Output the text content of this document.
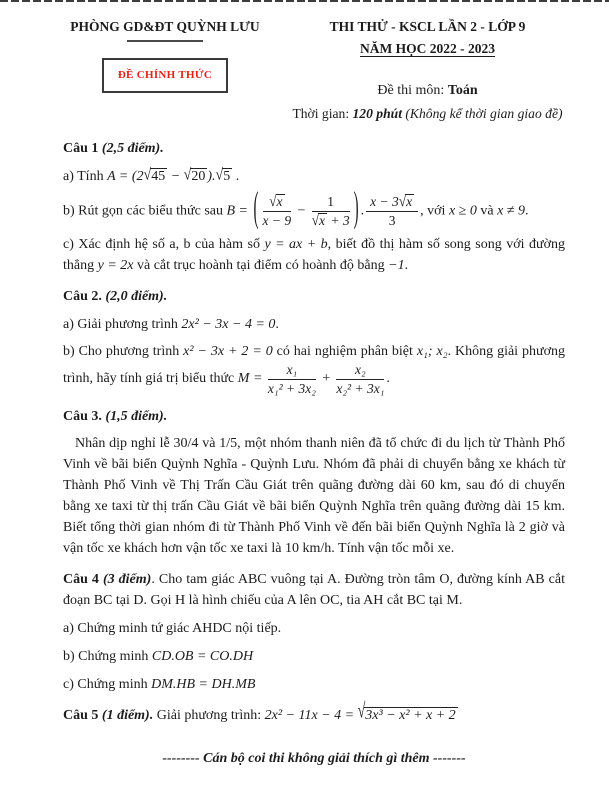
PHÒNG GD&ĐT QUỲNH LƯU
ĐỀ CHÍNH THỨC
THI THỬ - KSCL LẦN 2 - LỚP 9
NĂM HỌC 2022 - 2023
Đề thi môn: Toán
Thời gian: 120 phút (Không kể thời gian giao đề)

Câu 1 (2,5 điểm).

a) Tính A = (2√45 − √20 ).√5 .

b) Rút gọn các biểu thức sau B = ( $\frac{√x}{x - 9} - \frac{1}{√x + 3}$ ) . $\frac{x - 3√x}{3}$ , với x ≥ 0 và x ≠ 9.

c) Xác định hệ số a, b của hàm số y = ax + b, biết đồ thị hàm số song song với đường thẳng y = 2x và cắt trục hoành tại điểm có hoành độ bằng −1.

Câu 2. (2,0 điểm).

a) Giải phương trình 2x² − 3x − 4 = 0.

b) Cho phương trình x² − 3x + 2 = 0 có hai nghiệm phân biệt x₁; x₂. Không giải phương trình, hãy tính giá trị biểu thức $M = \frac{\text{x₁}}{\text{x₁² + 3x₂}} + \frac{\text{x₂}}{\text{x₂² + 3x₁}}$ .

Câu 3. (1,5 điểm).

Nhân dịp nghỉ lễ 30/4 và 1/5, một nhóm thanh niên đã tổ chức đi du lịch từ Thành Phố Vinh về bãi biển Quỳnh Nghĩa - Quỳnh Lưu. Nhóm đã phải di chuyển bằng xe khách từ Thành Phố Vinh về Thị Trấn Cầu Giát trên quãng đường dài 60 km, sau đó di chuyển bằng xe taxi từ thị trấn Cầu Giát về bãi biển Quỳnh Nghĩa trên quãng đường dài 15 km. Biết tổng thời gian nhóm đi từ Thành Phố Vinh về đến bãi biển Quỳnh Nghĩa là 2 giờ và vận tốc xe khách hơn vận tốc xe taxi là 10 km/h. Tính vận tốc mỗi xe.

Câu 4 (3 điểm). Cho tam giác ABC vuông tại A. Đường tròn tâm O, đường kính AB cắt đoạn BC tại D. Gọi H là hình chiếu của A lên OC, tia AH cắt BC tại M.

a) Chứng minh tứ giác AHDC nội tiếp.

b) Chứng minh CD.OB = CO.DH

c) Chứng minh DM.HB = DH.MB

Câu 5 (1 điểm). Giải phương trình: 2x² − 11x − 4 = √3x³ − x² + x + 2

-------- Cán bộ coi thi không giải thích gì thêm -------
